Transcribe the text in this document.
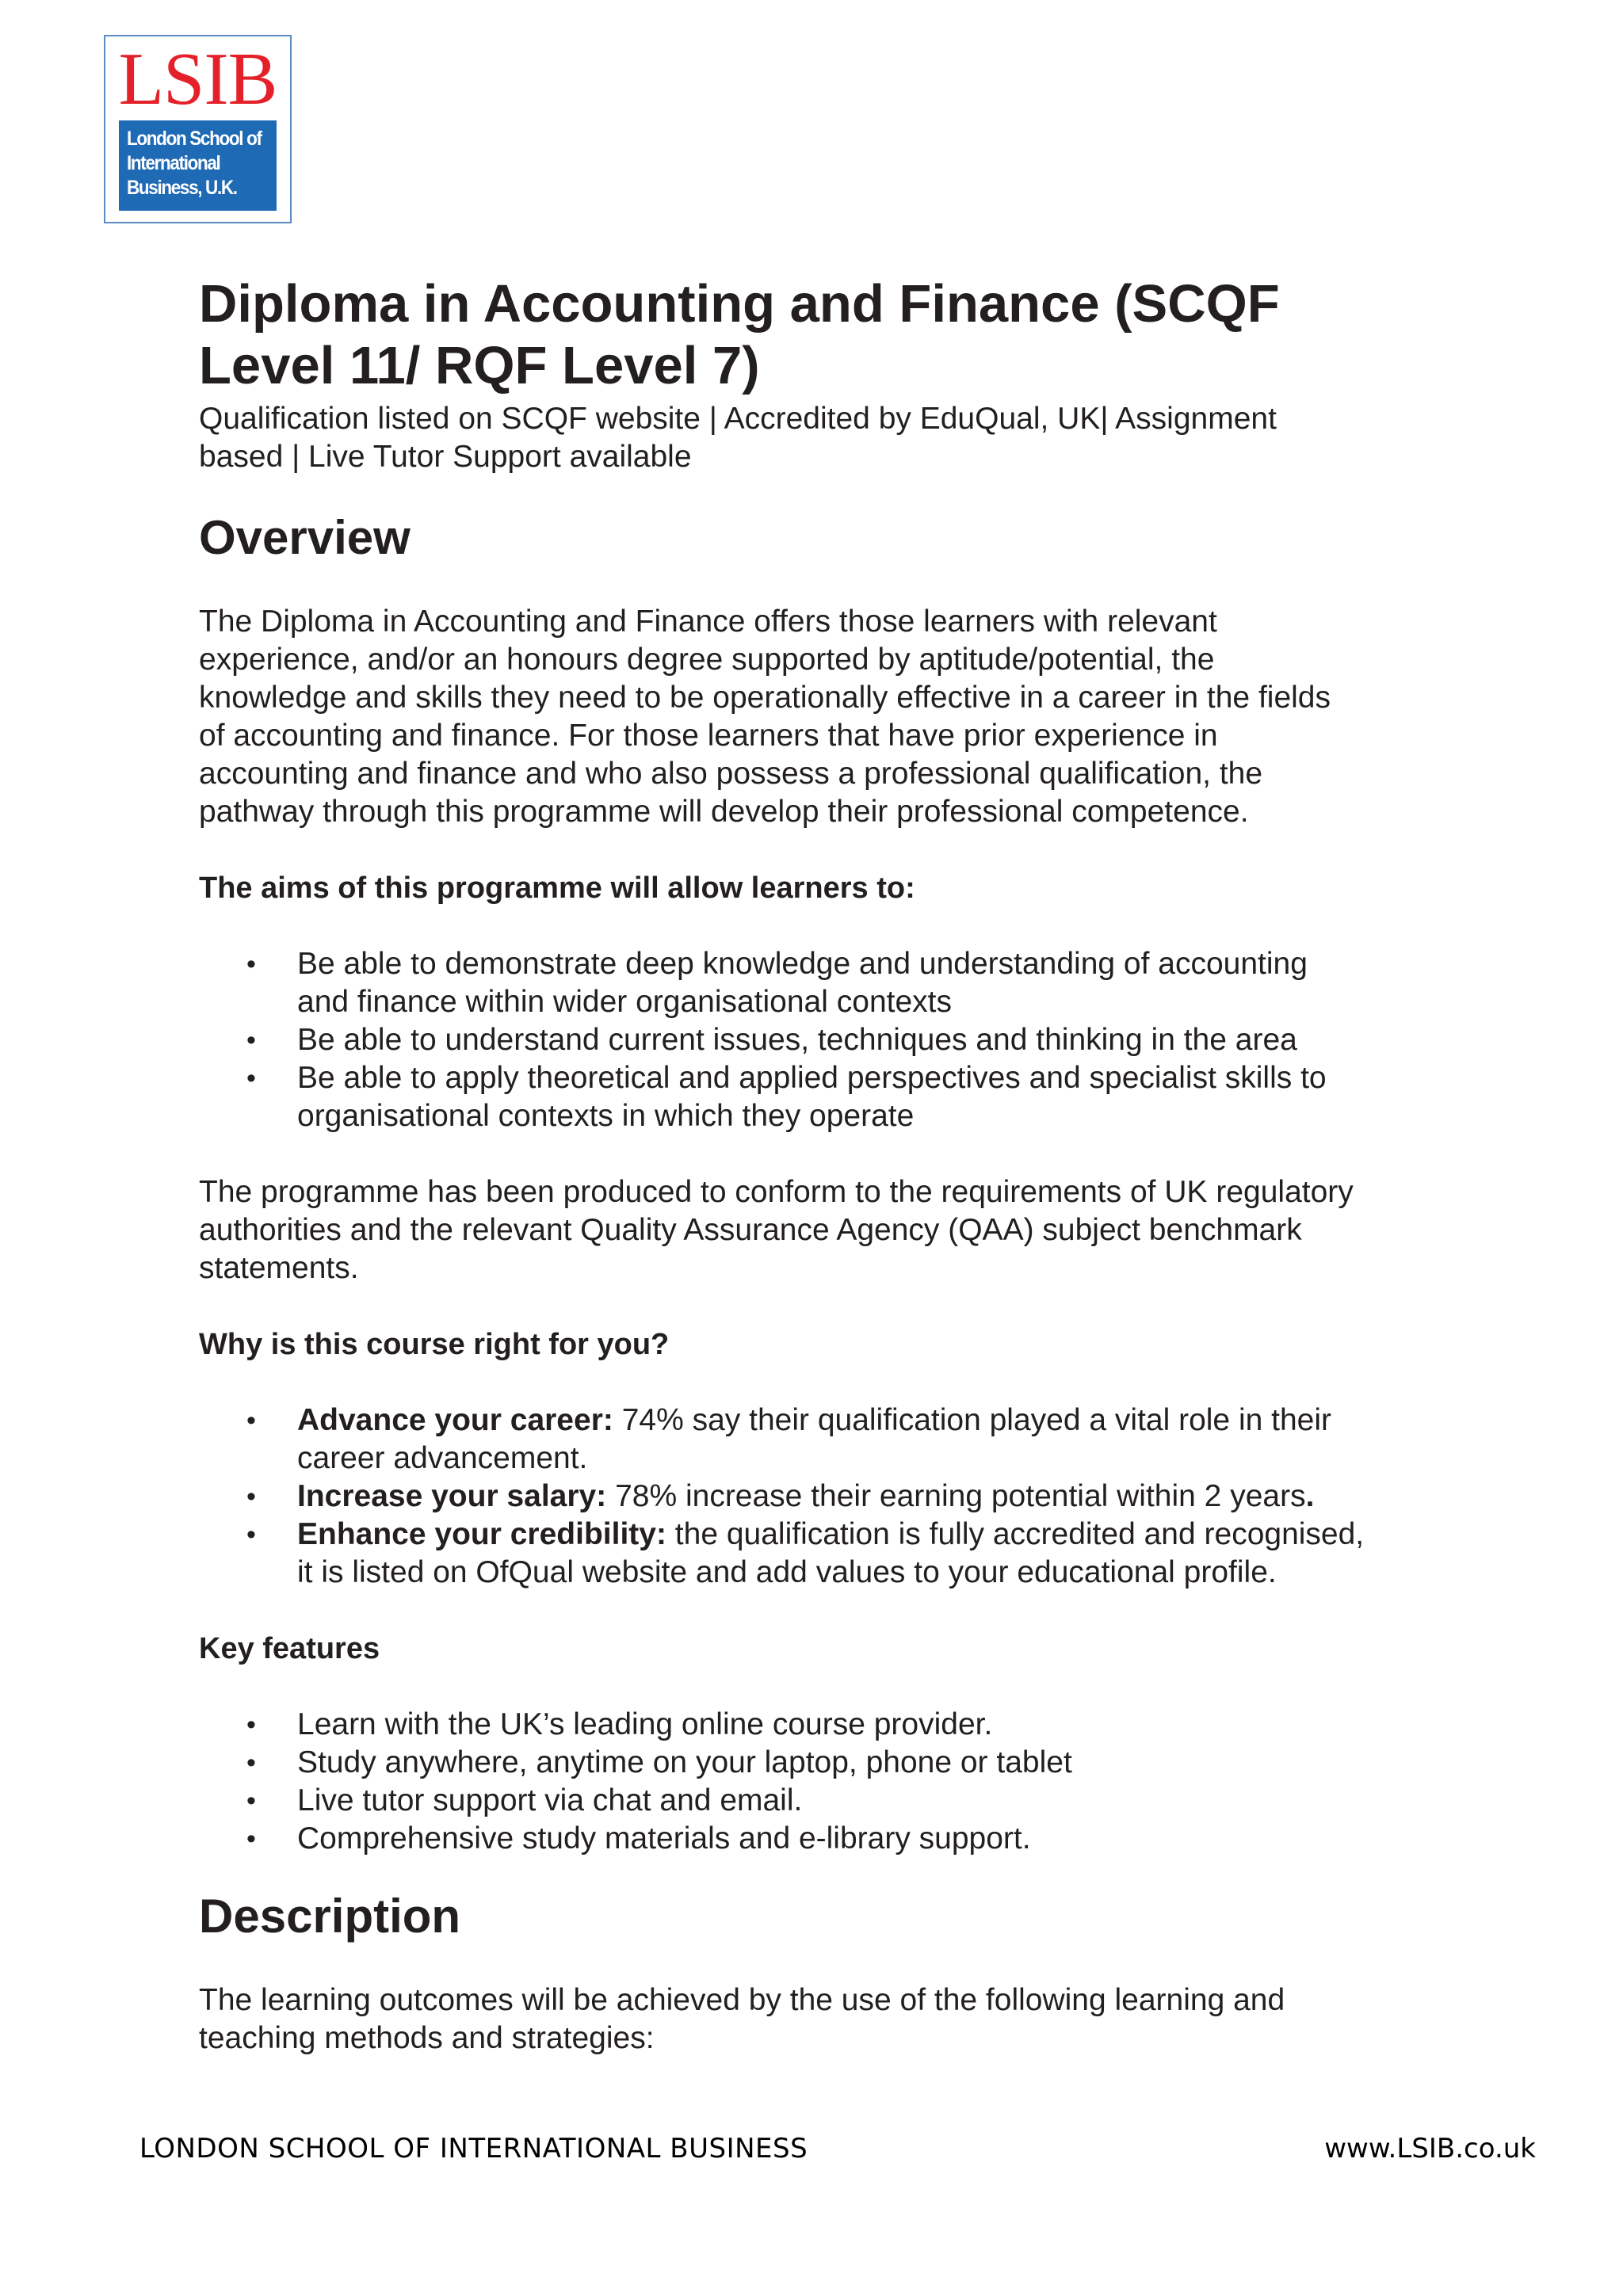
LSIB
London School of
International
Business, U.K.
Diploma in Accounting and Finance (SCQF
Level 11/ RQF Level 7)
Qualification listed on SCQF website | Accredited by EduQual, UK| Assignment
based | Live Tutor Support available
Overview

The Diploma in Accounting and Finance offers those learners with relevant
experience, and/or an honours degree supported by aptitude/potential, the
knowledge and skills they need to be operationally effective in a career in the fields
of accounting and finance. For those learners that have prior experience in
accounting and finance and who also possess a professional qualification, the
pathway through this programme will develop their professional competence.

The aims of this programme will allow learners to:
• Be able to demonstrate deep knowledge and understanding of accounting
and finance within wider organisational contexts
• Be able to understand current issues, techniques and thinking in the area
• Be able to apply theoretical and applied perspectives and specialist skills to
organisational contexts in which they operate

The programme has been produced to conform to the requirements of UK regulatory
authorities and the relevant Quality Assurance Agency (QAA) subject benchmark
statements.

Why is this course right for you?
• Advance your career: 74% say their qualification played a vital role in their
career advancement.
• Increase your salary: 78% increase their earning potential within 2 years.
• Enhance your credibility: the qualification is fully accredited and recognised,
it is listed on OfQual website and add values to your educational profile.
Key features
• Learn with the UK’s leading online course provider.
• Study anywhere, anytime on your laptop, phone or tablet
• Live tutor support via chat and email.
• Comprehensive study materials and e-library support.
Description

The learning outcomes will be achieved by the use of the following learning and
teaching methods and strategies:

LONDON SCHOOL OF INTERNATIONAL BUSINESS	www.LSIB.co.uk
